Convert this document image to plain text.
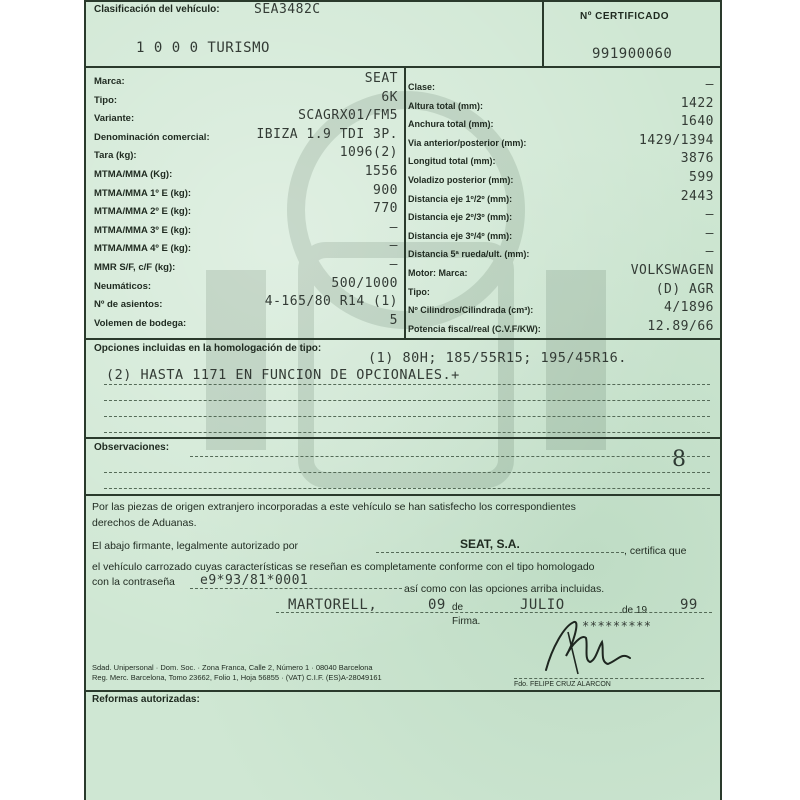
Clasificación del vehículo:	SEA3482C
1 0 0 0 TURISMO
Nº CERTIFICADO
991900060
Opciones incluidas en la homologación de tipo:
(1) 80H; 185/55R15; 195/45R16.
(2) HASTA 1171 EN FUNCION DE OPCIONALES.+
Observaciones:	8
Por las piezas de origen extranjero incorporadas a este vehículo se han satisfecho los correspondientes
derechos de Aduanas.
El abajo firmante, legalmente autorizado por	SEAT, S.A.	, certifica que
el vehículo carrozado cuyas características se reseñan es completamente conforme con el tipo homologado
con la contraseña e9*93/81*0001
así como con las opciones arriba incluidas.
MARTORELL,	09 de	JULIO	de 19 99
Firma.	*********
Sdad. Unipersonal · Dom. Soc. · Zona Franca, Calle 2, Número 1 · 08040 Barcelona
Reg. Merc. Barcelona, Tomo 23662, Folio 1, Hoja 56855 · (VAT) C.I.F. (ES)A-28049161
Fdo. FELIPE CRUZ ALARCON
Reformas autorizadas:
Marca:	SEAT
Tipo:	6K
Variante:	SCAGRX01/FM5
Denominación comercial:	IBIZA 1.9 TDI 3P.
Tara (kg):	1096(2)
MTMA/MMA (Kg):	1556
MTMA/MMA 1º E (kg):	900
MTMA/MMA 2º E (kg):	770
MTMA/MMA 3º E (kg):	—
MTMA/MMA 4º E (kg):	—
MMR S/F, c/F (kg):	—
Neumáticos:	500/1000
Nº de asientos:	4-165/80 R14 (1)
Volemen de bodega:	5
Clase:	—
Altura total (mm):	1422
Anchura total (mm):	1640
Via anterior/posterior (mm):	1429/1394
Longitud total (mm):	3876
Voladizo posterior (mm):	599
Distancia eje 1º/2º (mm):	2443
Distancia eje 2º/3º (mm):	—
Distancia eje 3º/4º (mm):	—
Distancia 5ª rueda/ult. (mm):	—
Motor: Marca:	VOLKSWAGEN
Tipo:	(D) AGR
Nº Cilindros/Cilindrada (cm³):	4/1896
Potencia fiscal/real (C.V.F/KW):	12.89/66
